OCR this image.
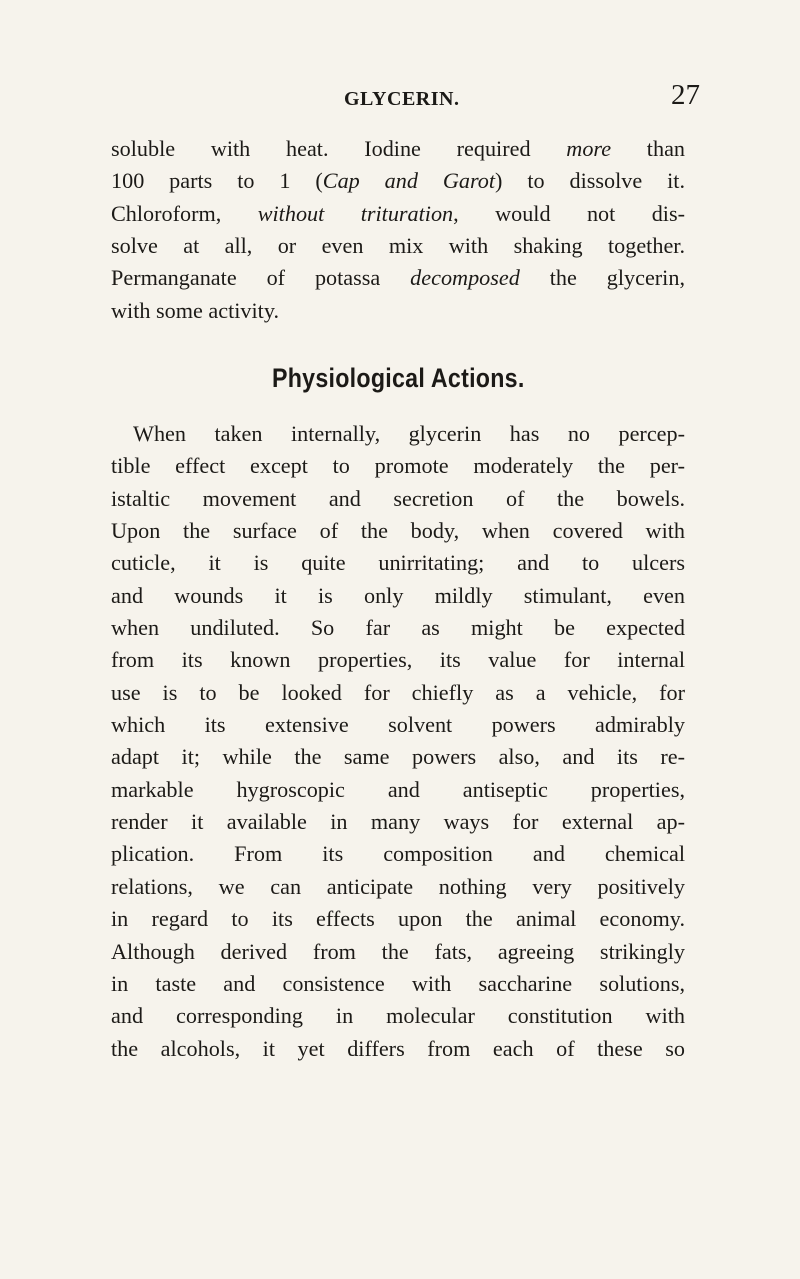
GLYCERIN.	27
soluble with heat. Iodine required more than
100 parts to 1 (Cap and Garot) to dissolve it.
Chloroform, without trituration, would not dis-
solve at all, or even mix with shaking together.
Permanganate of potassa decomposed the glycerin,
with some activity.
Physiological Actions.
When taken internally, glycerin has no percep-
tible effect except to promote moderately the per-
istaltic movement and secretion of the bowels.
Upon the surface of the body, when covered with
cuticle, it is quite unirritating; and to ulcers
and wounds it is only mildly stimulant, even
when undiluted. So far as might be expected
from its known properties, its value for internal
use is to be looked for chiefly as a vehicle, for
which its extensive solvent powers admirably
adapt it; while the same powers also, and its re-
markable hygroscopic and antiseptic properties,
render it available in many ways for external ap-
plication. From its composition and chemical
relations, we can anticipate nothing very positively
in regard to its effects upon the animal economy.
Although derived from the fats, agreeing strikingly
in taste and consistence with saccharine solutions,
and corresponding in molecular constitution with
the alcohols, it yet differs from each of these so
